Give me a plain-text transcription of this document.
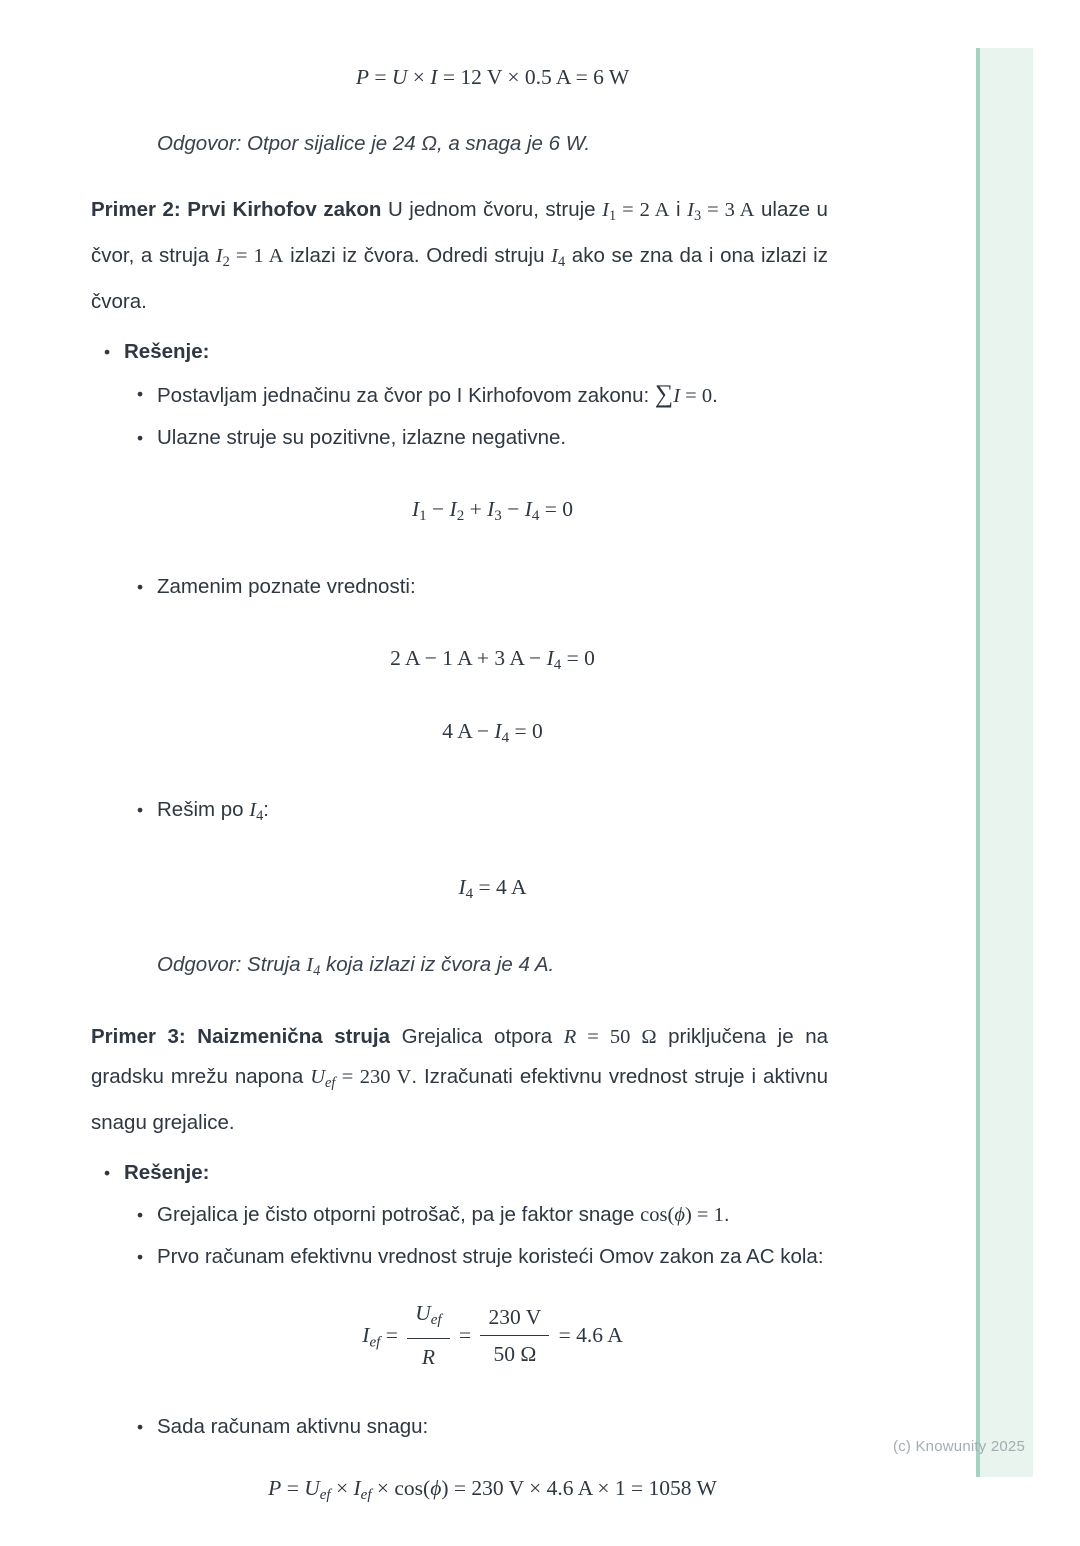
(c) Knowunity 2025
P = U × I = 12 V × 0.5 A = 6 W

Odgovor: Otpor sijalice je 24 Ω, a snaga je 6 W.

Primer 2: Prvi Kirhofov zakon U jednom čvoru, struje I1 = 2 A i I3 = 3 A ulaze u čvor, a struja I2 = 1 A izlazi iz čvora. Odredi struju I4 ako se zna da i ona izlazi iz čvora.

• Rešenje:
• Postavljam jednačinu za čvor po I Kirhofovom zakonu: ∑I = 0.
• Ulazne struje su pozitivne, izlazne negativne.
I1 − I2 + I3 − I4 = 0
• Zamenim poznate vrednosti:
2 A − 1 A + 3 A − I4 = 0
4 A − I4 = 0
• Rešim po I4:
I4 = 4 A

Odgovor: Struja I4 koja izlazi iz čvora je 4 A.

Primer 3: Naizmenična struja Grejalica otpora R = 50 Ω priključena je na gradsku mrežu napona Uef = 230 V. Izračunati efektivnu vrednost struje i aktivnu snagu grejalice.

• Rešenje:
• Grejalica je čisto otporni potrošač, pa je faktor snage cos(ϕ) = 1.
• Prvo računam efektivnu vrednost struje koristeći Omov zakon za AC kola:
Ief = $\frac{\text{Uef}}{R} = \frac{230 V}{50 \Omega} = 4.6$ A
• Sada računam aktivnu snagu:
P = Uef × Ief × cos(ϕ) = 230 V × 4.6 A × 1 = 1058 W
